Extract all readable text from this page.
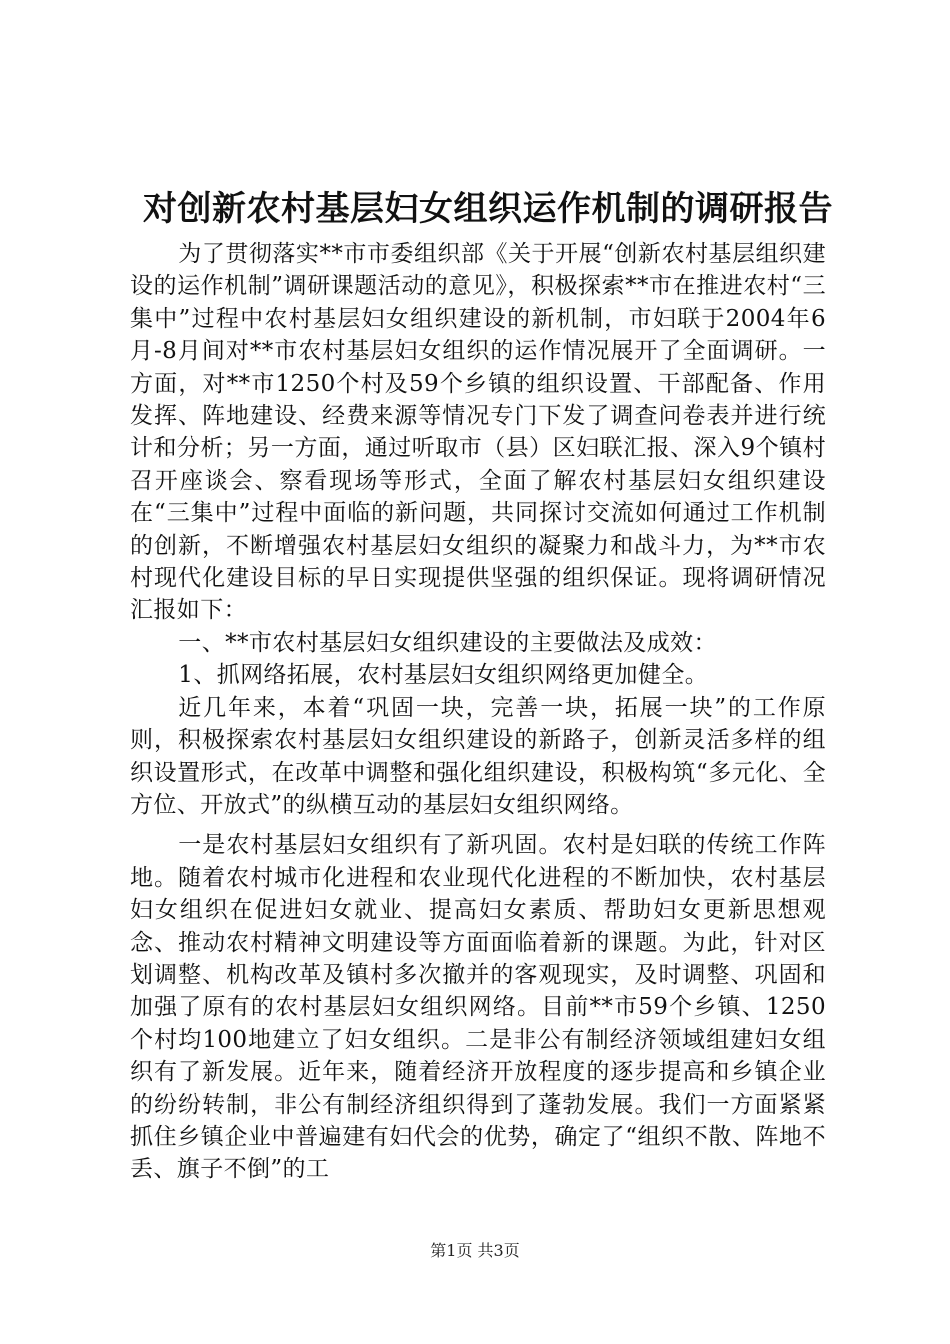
对创新农村基层妇女组织运作机制的调研报告

为了贯彻落实**市市委组织部《关于开展“创新农村基层组织建设的运作机制”调研课题活动的意见》，积极探索**市在推进农村“三集中”过程中农村基层妇女组织建设的新机制，市妇联于2004年6月-8月间对**市农村基层妇女组织的运作情况展开了全面调研。一方面，对**市1250个村及59个乡镇的组织设置、干部配备、作用发挥、阵地建设、经费来源等情况专门下发了调查问卷表并进行统计和分析；另一方面，通过听取市（县）区妇联汇报、深入9个镇村召开座谈会、察看现场等形式，全面了解农村基层妇女组织建设在“三集中”过程中面临的新问题，共同探讨交流如何通过工作机制的创新，不断增强农村基层妇女组织的凝聚力和战斗力，为**市农村现代化建设目标的早日实现提供坚强的组织保证。现将调研情况汇报如下：

一、**市农村基层妇女组织建设的主要做法及成效：

1、抓网络拓展，农村基层妇女组织网络更加健全。

近几年来，本着“巩固一块，完善一块，拓展一块”的工作原则，积极探索农村基层妇女组织建设的新路子，创新灵活多样的组织设置形式，在改革中调整和强化组织建设，积极构筑“多元化、全方位、开放式”的纵横互动的基层妇女组织网络。

一是农村基层妇女组织有了新巩固。农村是妇联的传统工作阵地。随着农村城市化进程和农业现代化进程的不断加快，农村基层妇女组织在促进妇女就业、提高妇女素质、帮助妇女更新思想观念、推动农村精神文明建设等方面面临着新的课题。为此，针对区划调整、机构改革及镇村多次撤并的客观现实，及时调整、巩固和加强了原有的农村基层妇女组织网络。目前**市59个乡镇、1250个村均100地建立了妇女组织。二是非公有制经济领域组建妇女组织有了新发展。近年来，随着经济开放程度的逐步提高和乡镇企业的纷纷转制，非公有制经济组织得到了蓬勃发展。我们一方面紧紧抓住乡镇企业中普遍建有妇代会的优势，确定了“组织不散、阵地不丢、旗子不倒”的工

第1页 共3页
